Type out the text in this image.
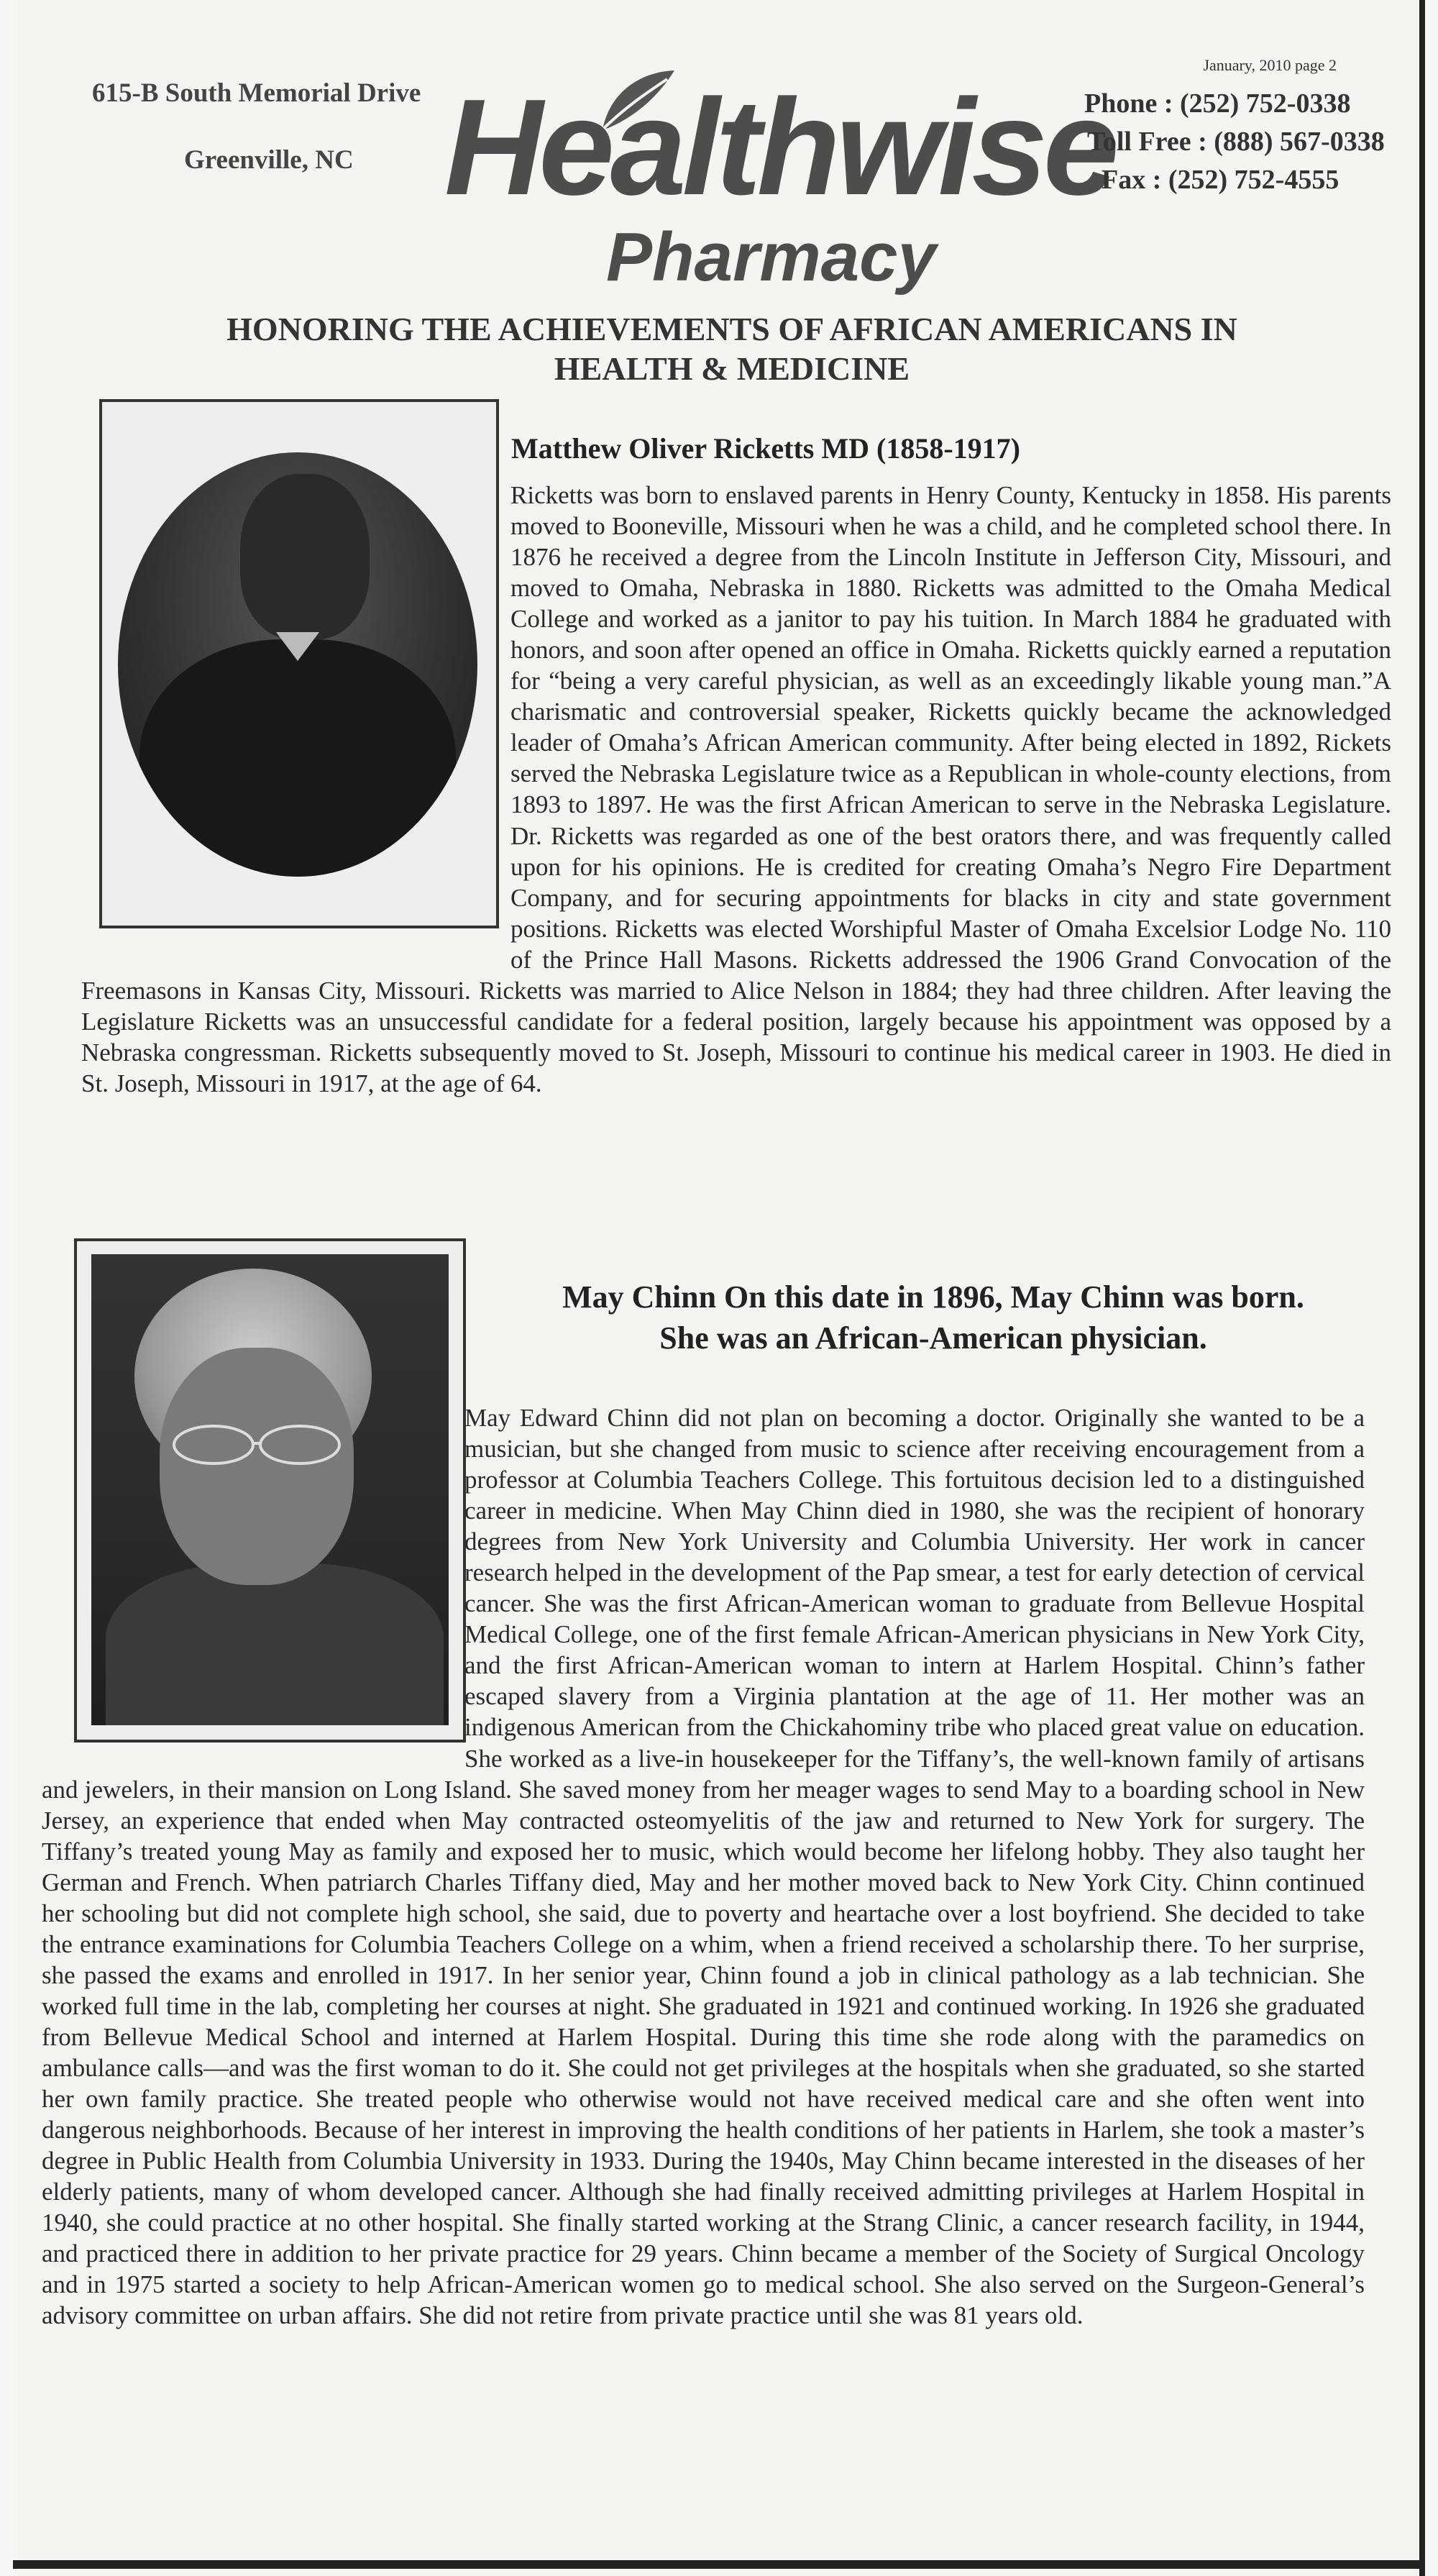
January, 2010 page 2
615-B South Memorial Drive
Greenville, NC Healthwise
Pharmacy
Phone : (252) 752-0338
Toll Free : (888) 567-0338
Fax : (252) 752-4555
HONORING THE ACHIEVEMENTS OF AFRICAN AMERICANS IN
HEALTH & MEDICINE
Matthew Oliver Ricketts MD (1858-1917)
Ricketts was born to enslaved parents in Henry County, Kentucky in 1858. His parents moved to Booneville, Missouri when he was a child, and he completed school there. In 1876 he received a degree from the Lincoln Institute in Jefferson City, Missouri, and moved to Omaha, Nebraska in 1880. Ricketts was admitted to the Omaha Medical College and worked as a janitor to pay his tuition. In March 1884 he graduated with honors, and soon after opened an office in Omaha. Ricketts quickly earned a reputation for “being a very careful physician, as well as an exceedingly likable young man.”A charismatic and controversial speaker, Ricketts quickly became the acknowledged leader of Omaha’s African American community. After being elected in 1892, Rickets served the Nebraska Legislature twice as a Republican in whole-county elections, from 1893 to 1897. He was the first African American to serve in the Nebraska Legislature. Dr. Ricketts was regarded as one of the best orators there, and was frequently called upon for his opinions. He is credited for creating Omaha’s Negro Fire Department Company, and for securing appointments for blacks in city and state government positions. Ricketts was elected Worshipful Master of Omaha Excelsior Lodge No. 110 of the Prince Hall Masons. Ricketts addressed the 1906 Grand Convocation of the Freemasons in Kansas City, Missouri. Ricketts was married to Alice Nelson in 1884; they had three children. After leaving the Legislature Ricketts was an unsuccessful candidate for a federal position, largely because his appointment was opposed by a Nebraska congressman. Ricketts subsequently moved to St. Joseph, Missouri to continue his medical career in 1903. He died in St. Joseph, Missouri in 1917, at the age of 64.
May Chinn On this date in 1896, May Chinn was born.
She was an African-American physician.
May Edward Chinn did not plan on becoming a doctor. Originally she wanted to be a musician, but she changed from music to science after receiving encouragement from a professor at Columbia Teachers College. This fortuitous decision led to a distinguished career in medicine. When May Chinn died in 1980, she was the recipient of honorary degrees from New York University and Columbia University. Her work in cancer research helped in the development of the Pap smear, a test for early detection of cervical cancer. She was the first African-American woman to graduate from Bellevue Hospital Medical College, one of the first female African-American physicians in New York City, and the first African-American woman to intern at Harlem Hospital. Chinn’s father escaped slavery from a Virginia plantation at the age of 11. Her mother was an indigenous American from the Chickahominy tribe who placed great value on education. She worked as a live-in housekeeper for the Tiffany’s, the well-known family of artisans and jewelers, in their mansion on Long Island. She saved money from her meager wages to send May to a boarding school in New Jersey, an experience that ended when May contracted osteomyelitis of the jaw and returned to New York for surgery. The Tiffany’s treated young May as family and exposed her to music, which would become her lifelong hobby. They also taught her German and French. When patriarch Charles Tiffany died, May and her mother moved back to New York City. Chinn continued her schooling but did not complete high school, she said, due to poverty and heartache over a lost boyfriend. She decided to take the entrance examinations for Columbia Teachers College on a whim, when a friend received a scholarship there. To her surprise, she passed the exams and enrolled in 1917. In her senior year, Chinn found a job in clinical pathology as a lab technician. She worked full time in the lab, completing her courses at night. She graduated in 1921 and continued working. In 1926 she graduated from Bellevue Medical School and interned at Harlem Hospital. During this time she rode along with the paramedics on ambulance calls—and was the first woman to do it. She could not get privileges at the hospitals when she graduated, so she started her own family practice. She treated people who otherwise would not have received medical care and she often went into dangerous neighborhoods. Because of her interest in improving the health conditions of her patients in Harlem, she took a master’s degree in Public Health from Columbia University in 1933. During the 1940s, May Chinn became interested in the diseases of her elderly patients, many of whom developed cancer. Although she had finally received admitting privileges at Harlem Hospital in 1940, she could practice at no other hospital. She finally started working at the Strang Clinic, a cancer research facility, in 1944, and practiced there in addition to her private practice for 29 years. Chinn became a member of the Society of Surgical Oncology and in 1975 started a society to help African-American women go to medical school. She also served on the Surgeon-General’s advisory committee on urban affairs. She did not retire from private practice until she was 81 years old.
